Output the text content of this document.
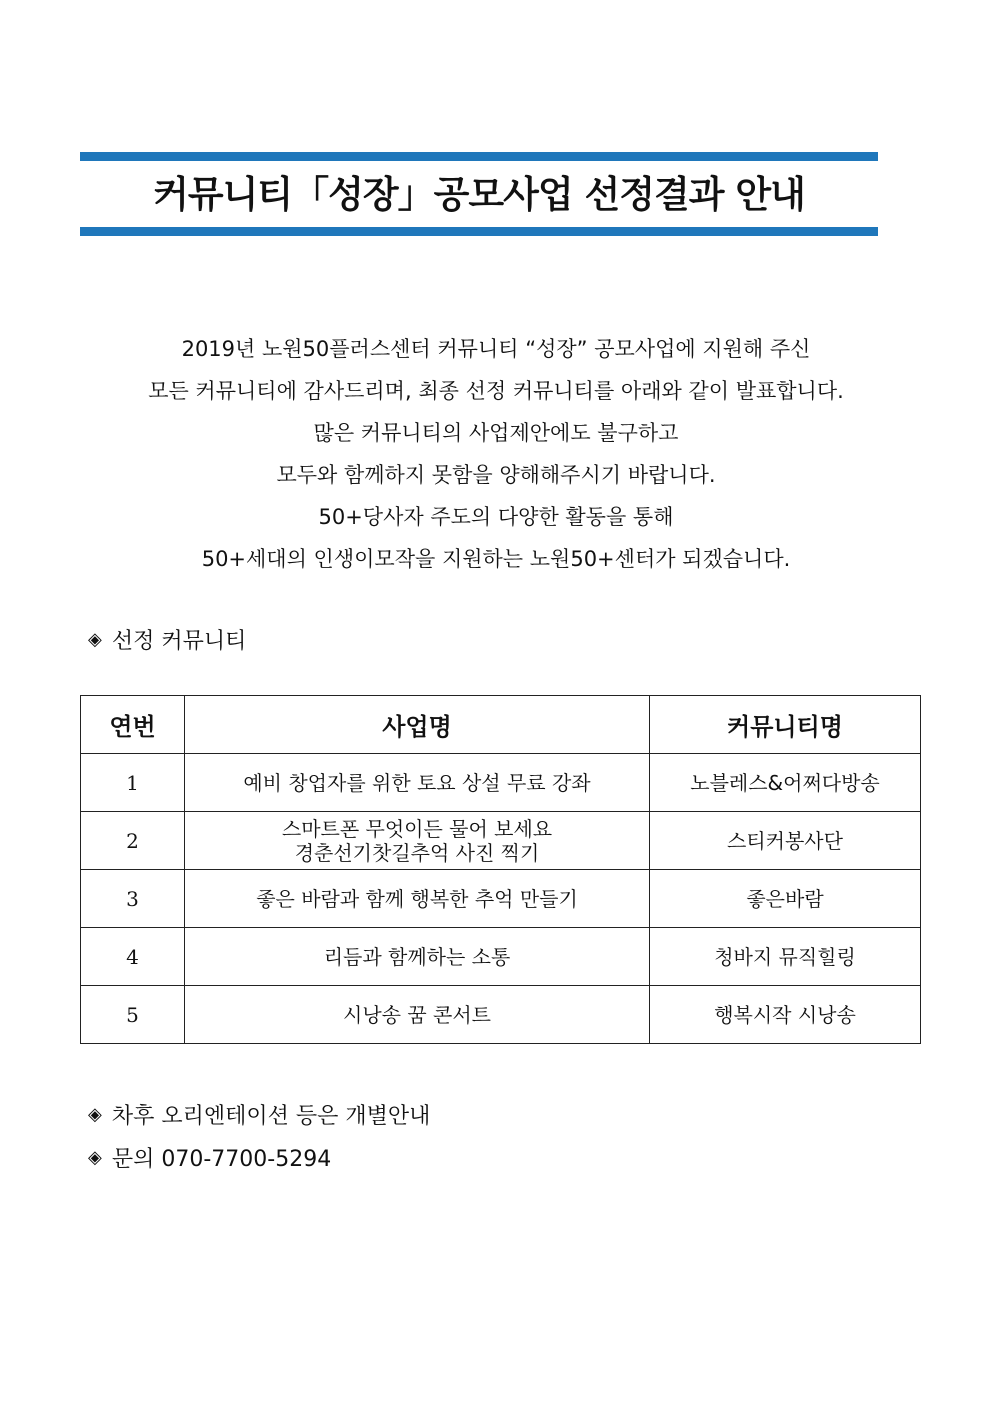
커뮤니티「성장」공모사업 선정결과 안내
2019년 노원50플러스센터 커뮤니티 “성장” 공모사업에 지원해 주신
모든 커뮤니티에 감사드리며, 최종 선정 커뮤니티를 아래와 같이 발표합니다.
많은 커뮤니티의 사업제안에도 불구하고
모두와 함께하지 못함을 양해해주시기 바랍니다.
50+당사자 주도의 다양한 활동을 통해
50+세대의 인생이모작을 지원하는 노원50+센터가 되겠습니다.
◈ 선정 커뮤니티
연번	사업명	커뮤니티명
1	예비 창업자를 위한 토요 상설 무료 강좌	노블레스&어쩌다방송
2	스마트폰 무엇이든 물어 보세요
경춘선기찻길추억 사진 찍기	스티커봉사단
3	좋은 바람과 함께 행복한 추억 만들기	좋은바람
4	리듬과 함께하는 소통	청바지 뮤직힐링
5	시낭송 꿈 콘서트	행복시작 시낭송
◈ 차후 오리엔테이션 등은 개별안내
◈ 문의 070-7700-5294
